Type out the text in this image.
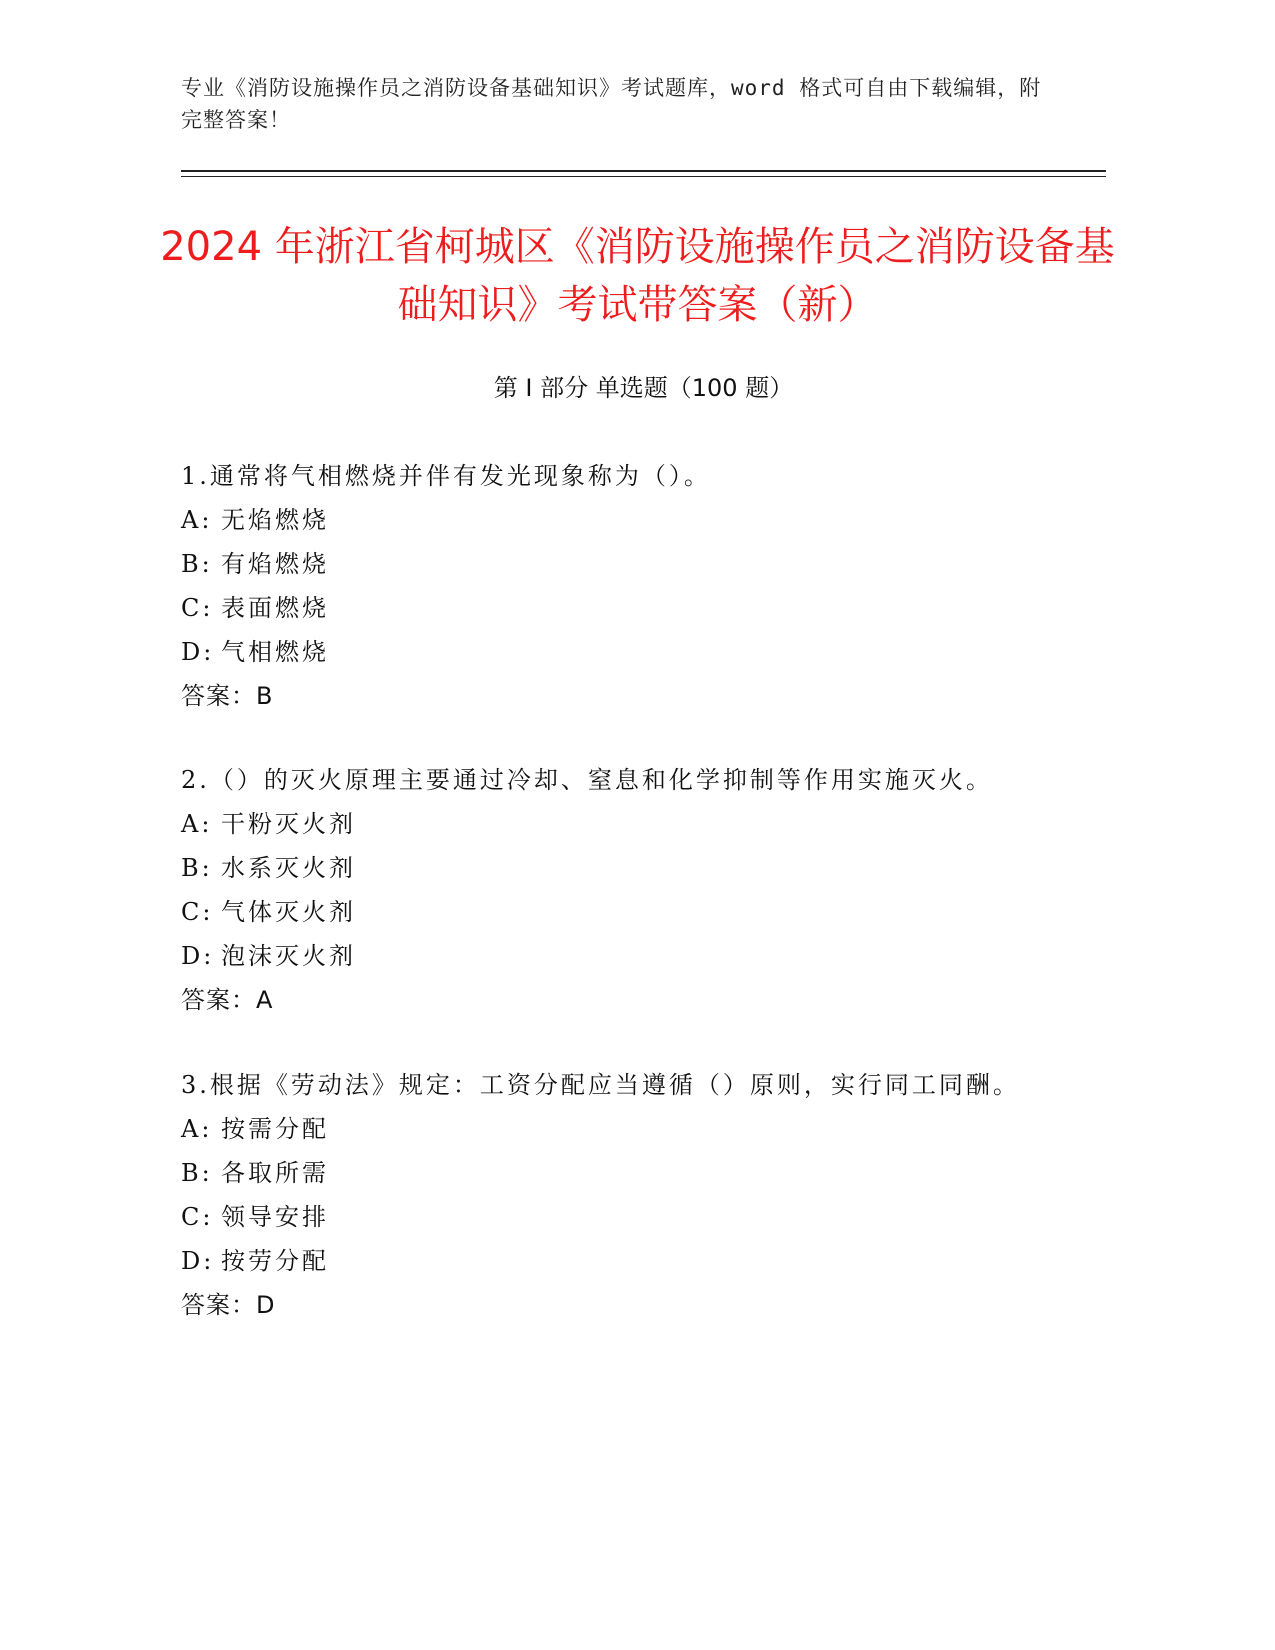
专业《消防设施操作员之消防设备基础知识》考试题库，word 格式可自由下载编辑，附完整答案！
2024 年浙江省柯城区《消防设施操作员之消防设备基础知识》考试带答案（新）
第 I 部分 单选题（100 题）

1.通常将气相燃烧并伴有发光现象称为（）。

A: 无焰燃烧

B: 有焰燃烧

C: 表面燃烧

D: 气相燃烧

答案：B

2.（）的灭火原理主要通过冷却、窒息和化学抑制等作用实施灭火。

A: 干粉灭火剂

B: 水系灭火剂

C: 气体灭火剂

D: 泡沫灭火剂

答案：A

3.根据《劳动法》规定：工资分配应当遵循（）原则，实行同工同酬。

A: 按需分配

B: 各取所需

C: 领导安排

D: 按劳分配

答案：D
